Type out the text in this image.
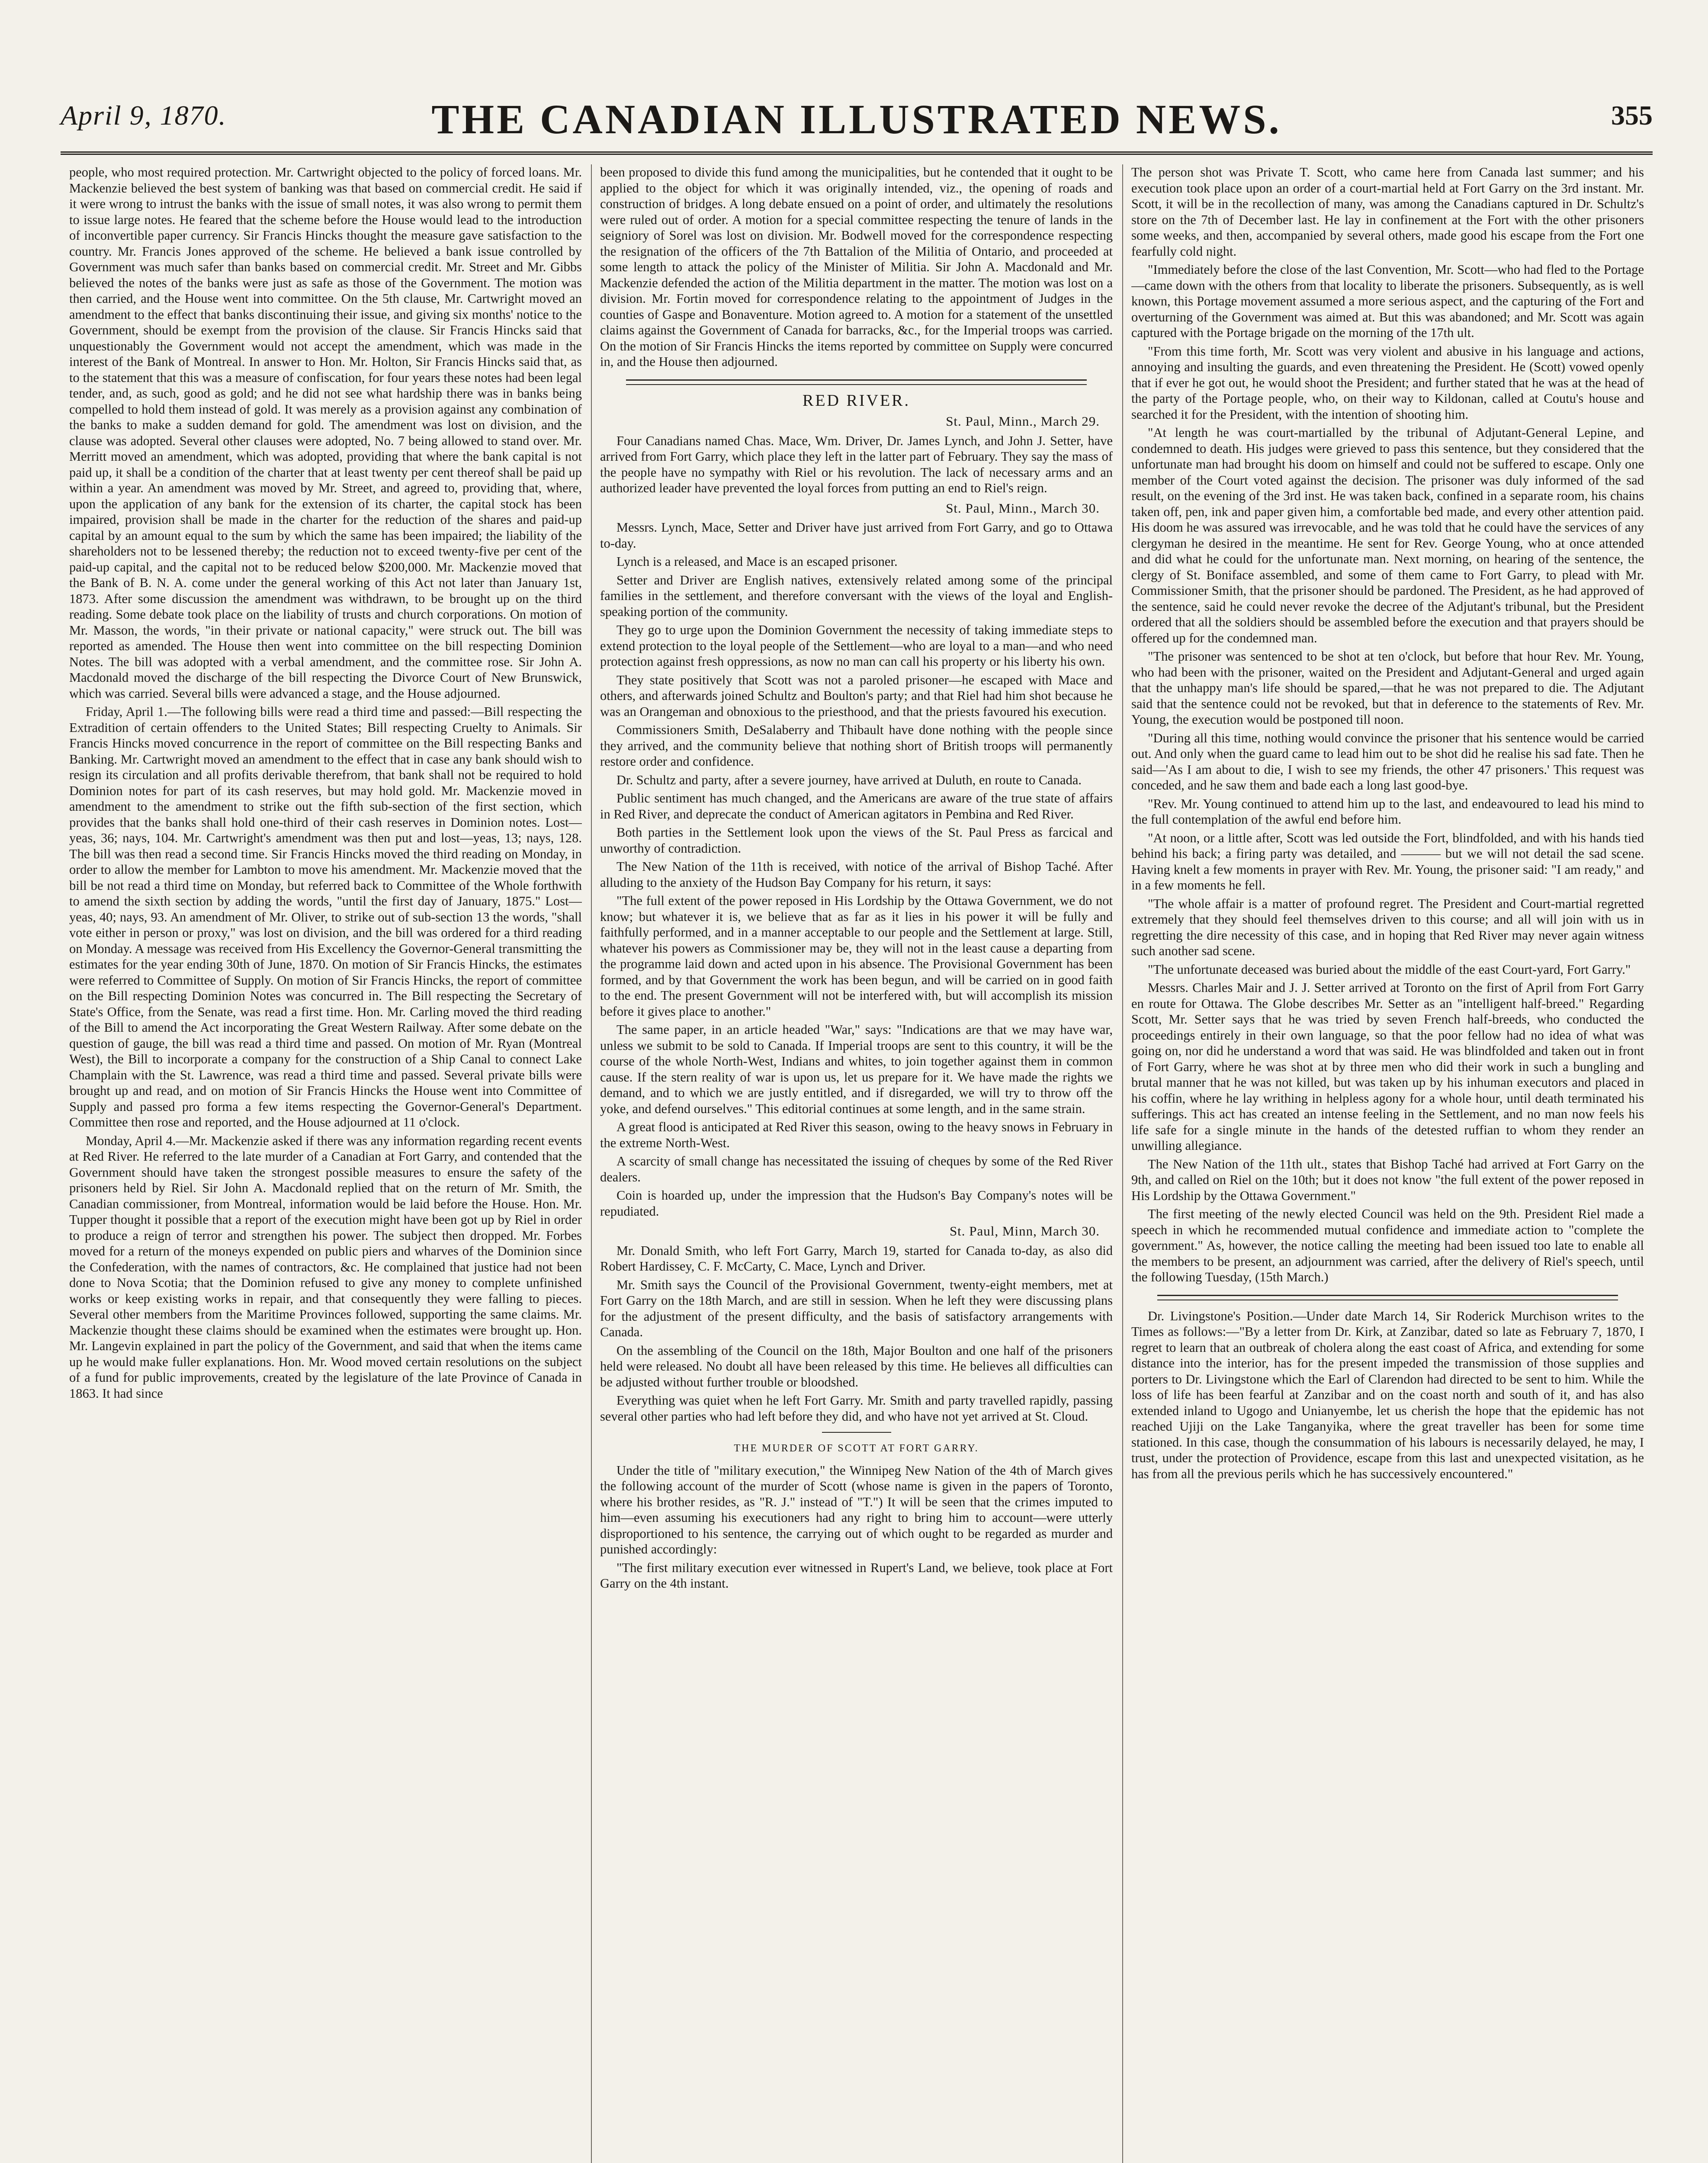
April 9, 1870.	THE CANADIAN ILLUSTRATED NEWS.	355

people, who most required protection. Mr. Cartwright objected to the policy of forced loans. Mr. Mackenzie believed the best system of banking was that based on commercial credit. He said if it were wrong to intrust the banks with the issue of small notes, it was also wrong to permit them to issue large notes. He feared that the scheme before the House would lead to the introduction of inconvertible paper currency. Sir Francis Hincks thought the measure gave satisfaction to the country. Mr. Francis Jones approved of the scheme. He believed a bank issue controlled by Government was much safer than banks based on commercial credit. Mr. Street and Mr. Gibbs believed the notes of the banks were just as safe as those of the Government. The motion was then carried, and the House went into committee. On the 5th clause, Mr. Cartwright moved an amendment to the effect that banks discontinuing their issue, and giving six months' notice to the Government, should be exempt from the provision of the clause. Sir Francis Hincks said that unquestionably the Government would not accept the amendment, which was made in the interest of the Bank of Montreal. In answer to Hon. Mr. Holton, Sir Francis Hincks said that, as to the statement that this was a measure of confiscation, for four years these notes had been legal tender, and, as such, good as gold; and he did not see what hardship there was in banks being compelled to hold them instead of gold. It was merely as a provision against any combination of the banks to make a sudden demand for gold. The amendment was lost on division, and the clause was adopted. Several other clauses were adopted, No. 7 being allowed to stand over. Mr. Merritt moved an amendment, which was adopted, providing that where the bank capital is not paid up, it shall be a condition of the charter that at least twenty per cent thereof shall be paid up within a year. An amendment was moved by Mr. Street, and agreed to, providing that, where, upon the application of any bank for the extension of its charter, the capital stock has been impaired, provision shall be made in the charter for the reduction of the shares and paid-up capital by an amount equal to the sum by which the same has been impaired; the liability of the shareholders not to be lessened thereby; the reduction not to exceed twenty-five per cent of the paid-up capital, and the capital not to be reduced below $200,000. Mr. Mackenzie moved that the Bank of B. N. A. come under the general working of this Act not later than January 1st, 1873. After some discussion the amendment was withdrawn, to be brought up on the third reading. Some debate took place on the liability of trusts and church corporations. On motion of Mr. Masson, the words, "in their private or national capacity," were struck out. The bill was reported as amended. The House then went into committee on the bill respecting Dominion Notes. The bill was adopted with a verbal amendment, and the committee rose. Sir John A. Macdonald moved the discharge of the bill respecting the Divorce Court of New Brunswick, which was carried. Several bills were advanced a stage, and the House adjourned.

Friday, April 1.—The following bills were read a third time and passed:—Bill respecting the Extradition of certain offenders to the United States; Bill respecting Cruelty to Animals. Sir Francis Hincks moved concurrence in the report of committee on the Bill respecting Banks and Banking. Mr. Cartwright moved an amendment to the effect that in case any bank should wish to resign its circulation and all profits derivable therefrom, that bank shall not be required to hold Dominion notes for part of its cash reserves, but may hold gold. Mr. Mackenzie moved in amendment to the amendment to strike out the fifth sub-section of the first section, which provides that the banks shall hold one-third of their cash reserves in Dominion notes. Lost—yeas, 36; nays, 104. Mr. Cartwright's amendment was then put and lost—yeas, 13; nays, 128. The bill was then read a second time. Sir Francis Hincks moved the third reading on Monday, in order to allow the member for Lambton to move his amendment. Mr. Mackenzie moved that the bill be not read a third time on Monday, but referred back to Committee of the Whole forthwith to amend the sixth section by adding the words, "until the first day of January, 1875." Lost—yeas, 40; nays, 93. An amendment of Mr. Oliver, to strike out of sub-section 13 the words, "shall vote either in person or proxy," was lost on division, and the bill was ordered for a third reading on Monday. A message was received from His Excellency the Governor-General transmitting the estimates for the year ending 30th of June, 1870. On motion of Sir Francis Hincks, the estimates were referred to Committee of Supply. On motion of Sir Francis Hincks, the report of committee on the Bill respecting Dominion Notes was concurred in. The Bill respecting the Secretary of State's Office, from the Senate, was read a first time. Hon. Mr. Carling moved the third reading of the Bill to amend the Act incorporating the Great Western Railway. After some debate on the question of gauge, the bill was read a third time and passed. On motion of Mr. Ryan (Montreal West), the Bill to incorporate a company for the construction of a Ship Canal to connect Lake Champlain with the St. Lawrence, was read a third time and passed. Several private bills were brought up and read, and on motion of Sir Francis Hincks the House went into Committee of Supply and passed pro forma a few items respecting the Governor-General's Department. Committee then rose and reported, and the House adjourned at 11 o'clock.

Monday, April 4.—Mr. Mackenzie asked if there was any information regarding recent events at Red River. He referred to the late murder of a Canadian at Fort Garry, and contended that the Government should have taken the strongest possible measures to ensure the safety of the prisoners held by Riel. Sir John A. Macdonald replied that on the return of Mr. Smith, the Canadian commissioner, from Montreal, information would be laid before the House. Hon. Mr. Tupper thought it possible that a report of the execution might have been got up by Riel in order to produce a reign of terror and strengthen his power. The subject then dropped. Mr. Forbes moved for a return of the moneys expended on public piers and wharves of the Dominion since the Confederation, with the names of contractors, &c. He complained that justice had not been done to Nova Scotia; that the Dominion refused to give any money to complete unfinished works or keep existing works in repair, and that consequently they were falling to pieces. Several other members from the Maritime Provinces followed, supporting the same claims. Mr. Mackenzie thought these claims should be examined when the estimates were brought up. Hon. Mr. Langevin explained in part the policy of the Government, and said that when the items came up he would make fuller explanations. Hon. Mr. Wood moved certain resolutions on the subject of a fund for public improvements, created by the legislature of the late Province of Canada in 1863. It had since

been proposed to divide this fund among the municipalities, but he contended that it ought to be applied to the object for which it was originally intended, viz., the opening of roads and construction of bridges. A long debate ensued on a point of order, and ultimately the resolutions were ruled out of order. A motion for a special committee respecting the tenure of lands in the seigniory of Sorel was lost on division. Mr. Bodwell moved for the correspondence respecting the resignation of the officers of the 7th Battalion of the Militia of Ontario, and proceeded at some length to attack the policy of the Minister of Militia. Sir John A. Macdonald and Mr. Mackenzie defended the action of the Militia department in the matter. The motion was lost on a division. Mr. Fortin moved for correspondence relating to the appointment of Judges in the counties of Gaspe and Bonaventure. Motion agreed to. A motion for a statement of the unsettled claims against the Government of Canada for barracks, &c., for the Imperial troops was carried. On the motion of Sir Francis Hincks the items reported by committee on Supply were concurred in, and the House then adjourned.

RED RIVER.
St. Paul, Minn., March 29.

Four Canadians named Chas. Mace, Wm. Driver, Dr. James Lynch, and John J. Setter, have arrived from Fort Garry, which place they left in the latter part of February. They say the mass of the people have no sympathy with Riel or his revolution. The lack of necessary arms and an authorized leader have prevented the loyal forces from putting an end to Riel's reign.

St. Paul, Minn., March 30.

Messrs. Lynch, Mace, Setter and Driver have just arrived from Fort Garry, and go to Ottawa to-day.

Lynch is a released, and Mace is an escaped prisoner.

Setter and Driver are English natives, extensively related among some of the principal families in the settlement, and therefore conversant with the views of the loyal and English-speaking portion of the community.

They go to urge upon the Dominion Government the necessity of taking immediate steps to extend protection to the loyal people of the Settlement—who are loyal to a man—and who need protection against fresh oppressions, as now no man can call his property or his liberty his own.

They state positively that Scott was not a paroled prisoner—he escaped with Mace and others, and afterwards joined Schultz and Boulton's party; and that Riel had him shot because he was an Orangeman and obnoxious to the priesthood, and that the priests favoured his execution.

Commissioners Smith, DeSalaberry and Thibault have done nothing with the people since they arrived, and the community believe that nothing short of British troops will permanently restore order and confidence.

Dr. Schultz and party, after a severe journey, have arrived at Duluth, en route to Canada.

Public sentiment has much changed, and the Americans are aware of the true state of affairs in Red River, and deprecate the conduct of American agitators in Pembina and Red River.

Both parties in the Settlement look upon the views of the St. Paul Press as farcical and unworthy of contradiction.

The New Nation of the 11th is received, with notice of the arrival of Bishop Taché. After alluding to the anxiety of the Hudson Bay Company for his return, it says:

"The full extent of the power reposed in His Lordship by the Ottawa Government, we do not know; but whatever it is, we believe that as far as it lies in his power it will be fully and faithfully performed, and in a manner acceptable to our people and the Settlement at large. Still, whatever his powers as Commissioner may be, they will not in the least cause a departing from the programme laid down and acted upon in his absence. The Provisional Government has been formed, and by that Government the work has been begun, and will be carried on in good faith to the end. The present Government will not be interfered with, but will accomplish its mission before it gives place to another."

The same paper, in an article headed "War," says: "Indications are that we may have war, unless we submit to be sold to Canada. If Imperial troops are sent to this country, it will be the course of the whole North-West, Indians and whites, to join together against them in common cause. If the stern reality of war is upon us, let us prepare for it. We have made the rights we demand, and to which we are justly entitled, and if disregarded, we will try to throw off the yoke, and defend ourselves." This editorial continues at some length, and in the same strain.

A great flood is anticipated at Red River this season, owing to the heavy snows in February in the extreme North-West.

A scarcity of small change has necessitated the issuing of cheques by some of the Red River dealers.

Coin is hoarded up, under the impression that the Hudson's Bay Company's notes will be repudiated.

St. Paul, Minn, March 30.

Mr. Donald Smith, who left Fort Garry, March 19, started for Canada to-day, as also did Robert Hardissey, C. F. McCarty, C. Mace, Lynch and Driver.

Mr. Smith says the Council of the Provisional Government, twenty-eight members, met at Fort Garry on the 18th March, and are still in session. When he left they were discussing plans for the adjustment of the present difficulty, and the basis of satisfactory arrangements with Canada.

On the assembling of the Council on the 18th, Major Boulton and one half of the prisoners held were released. No doubt all have been released by this time. He believes all difficulties can be adjusted without further trouble or bloodshed.

Everything was quiet when he left Fort Garry. Mr. Smith and party travelled rapidly, passing several other parties who had left before they did, and who have not yet arrived at St. Cloud.

THE MURDER OF SCOTT AT FORT GARRY.

Under the title of "military execution," the Winnipeg New Nation of the 4th of March gives the following account of the murder of Scott (whose name is given in the papers of Toronto, where his brother resides, as "R. J." instead of "T.") It will be seen that the crimes imputed to him—even assuming his executioners had any right to bring him to account—were utterly disproportioned to his sentence, the carrying out of which ought to be regarded as murder and punished accordingly:

"The first military execution ever witnessed in Rupert's Land, we believe, took place at Fort Garry on the 4th instant.

The person shot was Private T. Scott, who came here from Canada last summer; and his execution took place upon an order of a court-martial held at Fort Garry on the 3rd instant. Mr. Scott, it will be in the recollection of many, was among the Canadians captured in Dr. Schultz's store on the 7th of December last. He lay in confinement at the Fort with the other prisoners some weeks, and then, accompanied by several others, made good his escape from the Fort one fearfully cold night.

"Immediately before the close of the last Convention, Mr. Scott—who had fled to the Portage—came down with the others from that locality to liberate the prisoners. Subsequently, as is well known, this Portage movement assumed a more serious aspect, and the capturing of the Fort and overturning of the Government was aimed at. But this was abandoned; and Mr. Scott was again captured with the Portage brigade on the morning of the 17th ult.

"From this time forth, Mr. Scott was very violent and abusive in his language and actions, annoying and insulting the guards, and even threatening the President. He (Scott) vowed openly that if ever he got out, he would shoot the President; and further stated that he was at the head of the party of the Portage people, who, on their way to Kildonan, called at Coutu's house and searched it for the President, with the intention of shooting him.

"At length he was court-martialled by the tribunal of Adjutant-General Lepine, and condemned to death. His judges were grieved to pass this sentence, but they considered that the unfortunate man had brought his doom on himself and could not be suffered to escape. Only one member of the Court voted against the decision. The prisoner was duly informed of the sad result, on the evening of the 3rd inst. He was taken back, confined in a separate room, his chains taken off, pen, ink and paper given him, a comfortable bed made, and every other attention paid. His doom he was assured was irrevocable, and he was told that he could have the services of any clergyman he desired in the meantime. He sent for Rev. George Young, who at once attended and did what he could for the unfortunate man. Next morning, on hearing of the sentence, the clergy of St. Boniface assembled, and some of them came to Fort Garry, to plead with Mr. Commissioner Smith, that the prisoner should be pardoned. The President, as he had approved of the sentence, said he could never revoke the decree of the Adjutant's tribunal, but the President ordered that all the soldiers should be assembled before the execution and that prayers should be offered up for the condemned man.

"The prisoner was sentenced to be shot at ten o'clock, but before that hour Rev. Mr. Young, who had been with the prisoner, waited on the President and Adjutant-General and urged again that the unhappy man's life should be spared,—that he was not prepared to die. The Adjutant said that the sentence could not be revoked, but that in deference to the statements of Rev. Mr. Young, the execution would be postponed till noon.

"During all this time, nothing would convince the prisoner that his sentence would be carried out. And only when the guard came to lead him out to be shot did he realise his sad fate. Then he said—'As I am about to die, I wish to see my friends, the other 47 prisoners.' This request was conceded, and he saw them and bade each a long last good-bye.

"Rev. Mr. Young continued to attend him up to the last, and endeavoured to lead his mind to the full contemplation of the awful end before him.

"At noon, or a little after, Scott was led outside the Fort, blindfolded, and with his hands tied behind his back; a firing party was detailed, and ——— but we will not detail the sad scene. Having knelt a few moments in prayer with Rev. Mr. Young, the prisoner said: "I am ready," and in a few moments he fell.

"The whole affair is a matter of profound regret. The President and Court-martial regretted extremely that they should feel themselves driven to this course; and all will join with us in regretting the dire necessity of this case, and in hoping that Red River may never again witness such another sad scene.

"The unfortunate deceased was buried about the middle of the east Court-yard, Fort Garry."

Messrs. Charles Mair and J. J. Setter arrived at Toronto on the first of April from Fort Garry en route for Ottawa. The Globe describes Mr. Setter as an "intelligent half-breed." Regarding Scott, Mr. Setter says that he was tried by seven French half-breeds, who conducted the proceedings entirely in their own language, so that the poor fellow had no idea of what was going on, nor did he understand a word that was said. He was blindfolded and taken out in front of Fort Garry, where he was shot at by three men who did their work in such a bungling and brutal manner that he was not killed, but was taken up by his inhuman executors and placed in his coffin, where he lay writhing in helpless agony for a whole hour, until death terminated his sufferings. This act has created an intense feeling in the Settlement, and no man now feels his life safe for a single minute in the hands of the detested ruffian to whom they render an unwilling allegiance.

The New Nation of the 11th ult., states that Bishop Taché had arrived at Fort Garry on the 9th, and called on Riel on the 10th; but it does not know "the full extent of the power reposed in His Lordship by the Ottawa Government."

The first meeting of the newly elected Council was held on the 9th. President Riel made a speech in which he recommended mutual confidence and immediate action to "complete the government." As, however, the notice calling the meeting had been issued too late to enable all the members to be present, an adjournment was carried, after the delivery of Riel's speech, until the following Tuesday, (15th March.)

Dr. Livingstone's Position.—Under date March 14, Sir Roderick Murchison writes to the Times as follows:—"By a letter from Dr. Kirk, at Zanzibar, dated so late as February 7, 1870, I regret to learn that an outbreak of cholera along the east coast of Africa, and extending for some distance into the interior, has for the present impeded the transmission of those supplies and porters to Dr. Livingstone which the Earl of Clarendon had directed to be sent to him. While the loss of life has been fearful at Zanzibar and on the coast north and south of it, and has also extended inland to Ugogo and Unianyembe, let us cherish the hope that the epidemic has not reached Ujiji on the Lake Tanganyika, where the great traveller has been for some time stationed. In this case, though the consummation of his labours is necessarily delayed, he may, I trust, under the protection of Providence, escape from this last and unexpected visitation, as he has from all the previous perils which he has successively encountered."
